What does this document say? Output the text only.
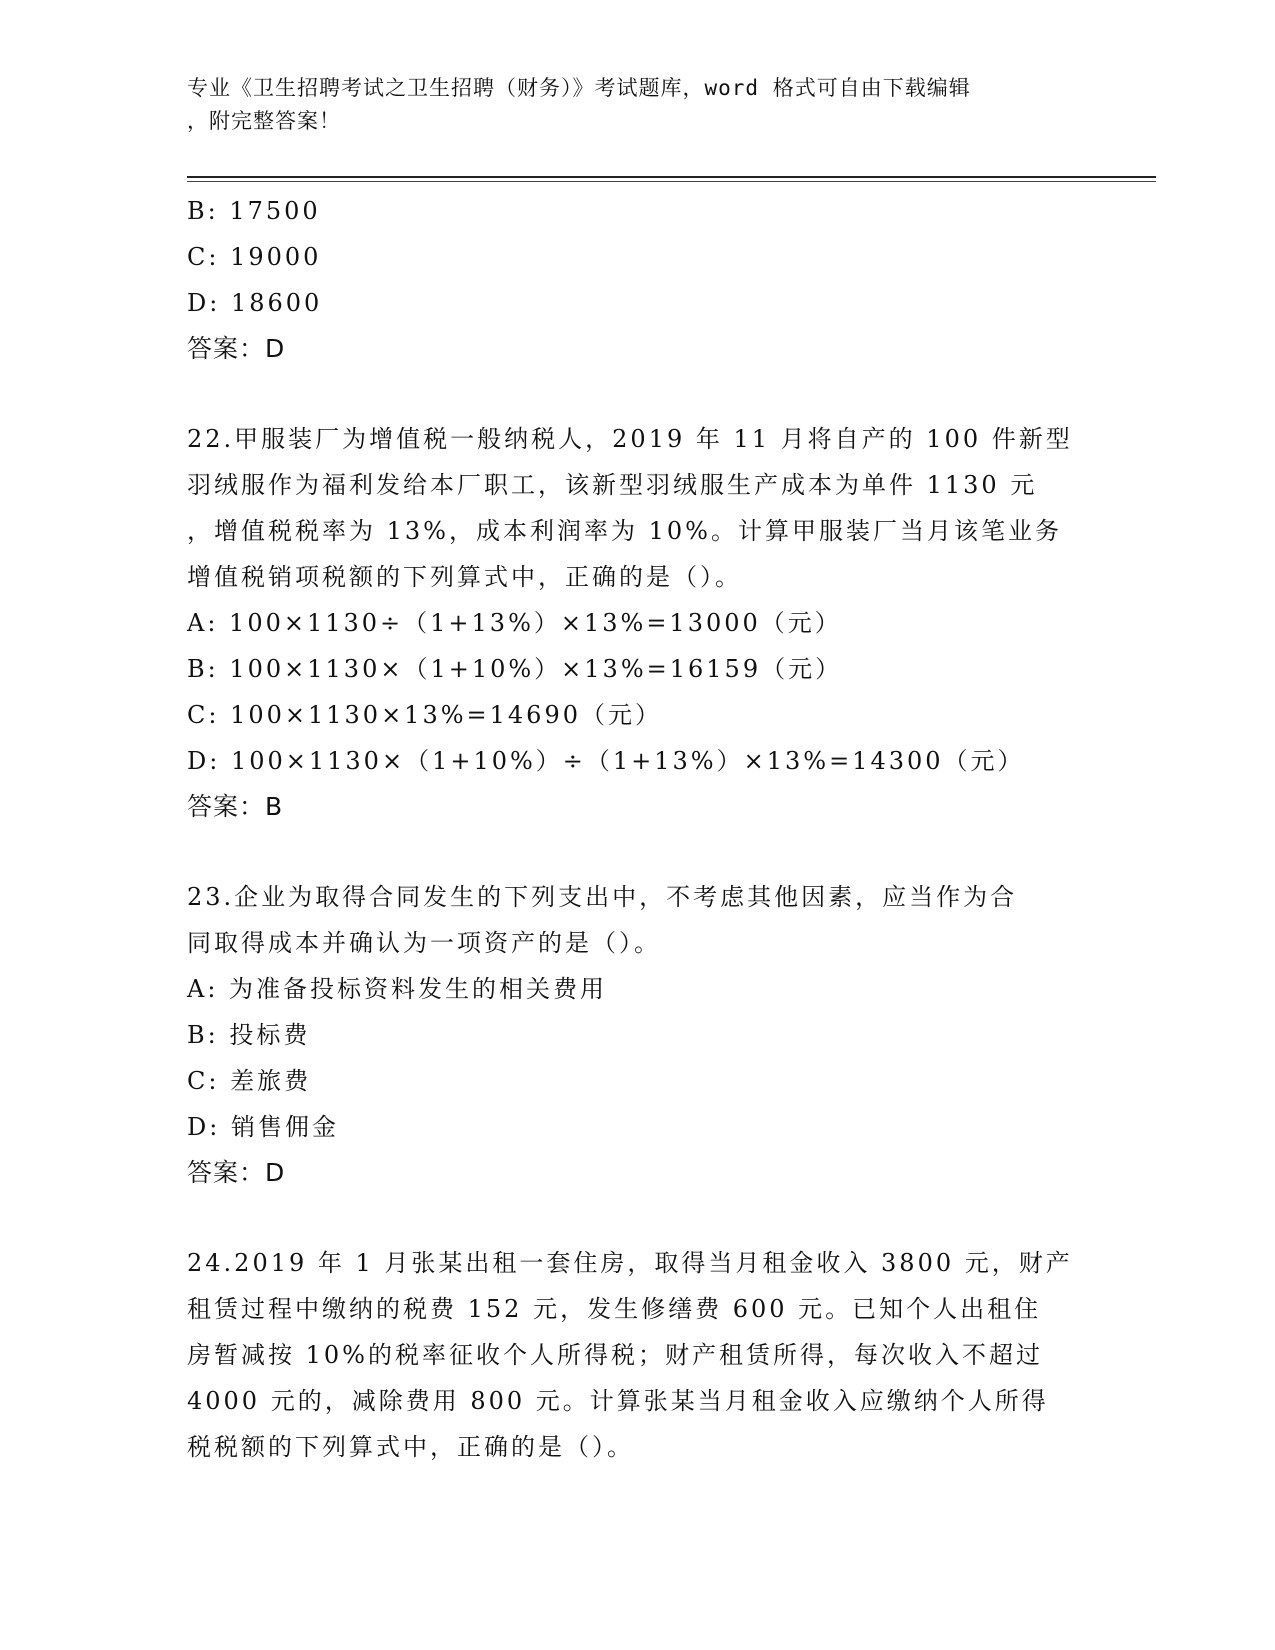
专业《卫生招聘考试之卫生招聘（财务）》考试题库，word 格式可自由下载编辑
，附完整答案！
B: 17500
C: 19000
D: 18600
答案：D
22.甲服装厂为增值税一般纳税人，2019 年 11 月将自产的 100 件新型
羽绒服作为福利发给本厂职工，该新型羽绒服生产成本为单件 1130 元
，增值税税率为 13%，成本利润率为 10%。计算甲服装厂当月该笔业务
增值税销项税额的下列算式中，正确的是（）。
A: 100×1130÷（1+13%）×13%=13000（元）
B: 100×1130×（1+10%）×13%=16159（元）
C: 100×1130×13%=14690（元）
D: 100×1130×（1+10%）÷（1+13%）×13%=14300（元）
答案：B
23.企业为取得合同发生的下列支出中，不考虑其他因素，应当作为合
同取得成本并确认为一项资产的是（）。
A: 为准备投标资料发生的相关费用
B: 投标费
C: 差旅费
D: 销售佣金
答案：D
24.2019 年 1 月张某出租一套住房，取得当月租金收入 3800 元，财产
租赁过程中缴纳的税费 152 元，发生修缮费 600 元。已知个人出租住
房暂减按 10%的税率征收个人所得税；财产租赁所得，每次收入不超过
4000 元的，减除费用 800 元。计算张某当月租金收入应缴纳个人所得
税税额的下列算式中，正确的是（）。
